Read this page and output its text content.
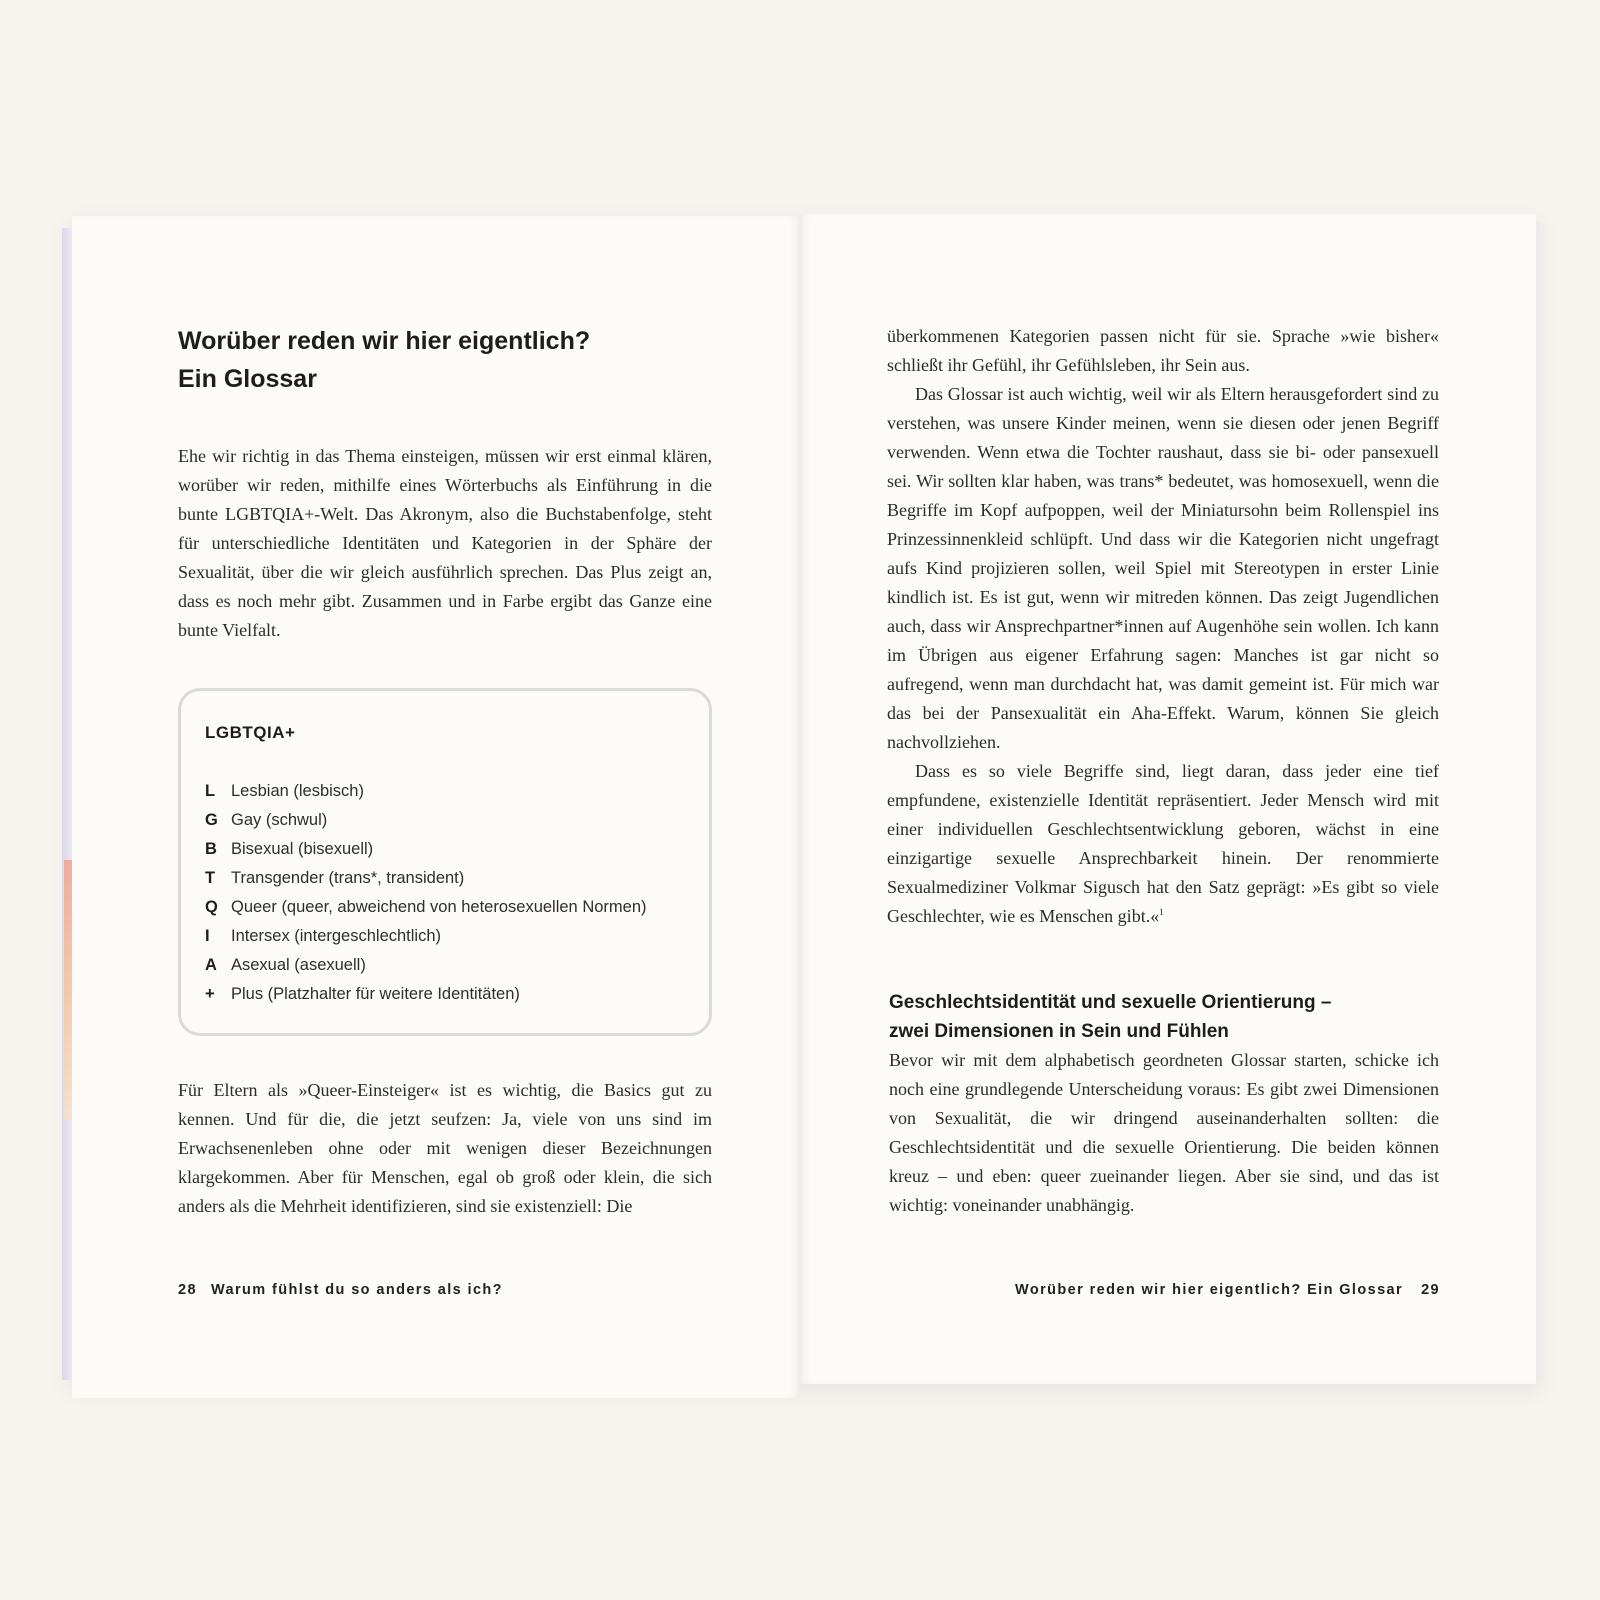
Worüber reden wir hier eigentlich?
Ein Glossar

Ehe wir richtig in das Thema einsteigen, müssen wir erst einmal klären, worüber wir reden, mithilfe eines Wörterbuchs als Einführung in die bunte LGBTQIA+-Welt. Das Akronym, also die Buchstabenfolge, steht für unterschiedliche Identitäten und Kategorien in der Sphäre der Sexualität, über die wir gleich ausführlich sprechen. Das Plus zeigt an, dass es noch mehr gibt. Zusammen und in Farbe ergibt das Ganze eine bunte Vielfalt.

LGBTQIA+
L Lesbian (lesbisch)
G Gay (schwul)
B Bisexual (bisexuell)
T Transgender (trans*, transident)
Q Queer (queer, abweichend von heterosexuellen Normen)
I Intersex (intergeschlechtlich)
A Asexual (asexuell)
+ Plus (Platzhalter für weitere Identitäten)

Für Eltern als »Queer-Einsteiger« ist es wichtig, die Basics gut zu kennen. Und für die, die jetzt seufzen: Ja, viele von uns sind im Erwachsenenleben ohne oder mit wenigen dieser Bezeichnungen klargekommen. Aber für Menschen, egal ob groß oder klein, die sich anders als die Mehrheit identifizieren, sind sie existenziell: Die

28 Warum fühlst du so anders als ich?

überkommenen Kategorien passen nicht für sie. Sprache »wie bisher« schließt ihr Gefühl, ihr Gefühlsleben, ihr Sein aus.

Das Glossar ist auch wichtig, weil wir als Eltern herausgefordert sind zu verstehen, was unsere Kinder meinen, wenn sie diesen oder jenen Begriff verwenden. Wenn etwa die Tochter raushaut, dass sie bi- oder pansexuell sei. Wir sollten klar haben, was trans* bedeutet, was homosexuell, wenn die Begriffe im Kopf aufpoppen, weil der Miniatursohn beim Rollenspiel ins Prinzessinnenkleid schlüpft. Und dass wir die Kategorien nicht ungefragt aufs Kind projizieren sollen, weil Spiel mit Stereotypen in erster Linie kindlich ist. Es ist gut, wenn wir mitreden können. Das zeigt Jugendlichen auch, dass wir Ansprechpartner*innen auf Augenhöhe sein wollen. Ich kann im Übrigen aus eigener Erfahrung sagen: Manches ist gar nicht so aufregend, wenn man durchdacht hat, was damit gemeint ist. Für mich war das bei der Pansexualität ein Aha-Effekt. Warum, können Sie gleich nachvollziehen.

Dass es so viele Begriffe sind, liegt daran, dass jeder eine tief empfundene, existenzielle Identität repräsentiert. Jeder Mensch wird mit einer individuellen Geschlechtsentwicklung geboren, wächst in eine einzigartige sexuelle Ansprechbarkeit hinein. Der renommierte Sexualmediziner Volkmar Sigusch hat den Satz geprägt: »Es gibt so viele Geschlechter, wie es Menschen gibt.«$^1$

Geschlechtsidentität und sexuelle Orientierung –
zwei Dimensionen in Sein und Fühlen

Bevor wir mit dem alphabetisch geordneten Glossar starten, schicke ich noch eine grundlegende Unterscheidung voraus: Es gibt zwei Dimensionen von Sexualität, die wir dringend auseinanderhalten sollten: die Geschlechtsidentität und die sexuelle Orientierung. Die beiden können kreuz – und eben: queer zueinander liegen. Aber sie sind, und das ist wichtig: voneinander unabhängig.

Worüber reden wir hier eigentlich? Ein Glossar 29
